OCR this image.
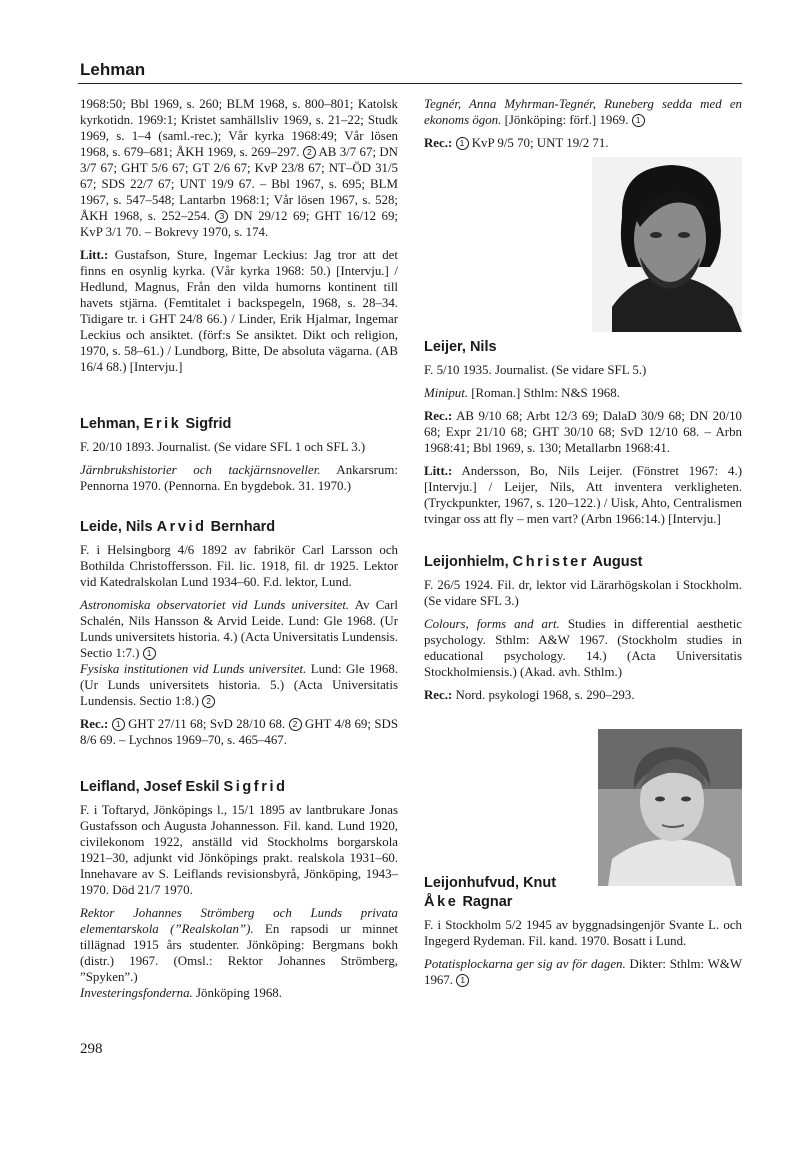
Lehman

1968:50; Bbl 1969, s. 260; BLM 1968, s. 800–801; Katolsk kyrkotidn. 1969:1; Kristet samhällsliv 1969, s. 21–22; Studk 1969, s. 1–4 (saml.-rec.); Vår kyrka 1968:49; Vår lösen 1968, s. 679–681; ÅKH 1969, s. 269–297. 2 AB 3/7 67; DN 3/7 67; GHT 5/6 67; GT 2/6 67; KvP 23/8 67; NT–ÖD 31/5 67; SDS 22/7 67; UNT 19/9 67. – Bbl 1967, s. 695; BLM 1967, s. 547–548; Lantarbn 1968:1; Vår lösen 1967, s. 528; ÅKH 1968, s. 252–254. 3 DN 29/12 69; GHT 16/12 69; KvP 3/1 70. – Bokrevy 1970, s. 174.

Litt.: Gustafson, Sture, Ingemar Leckius: Jag tror att det finns en osynlig kyrka. (Vår kyrka 1968: 50.) [Intervju.] / Hedlund, Magnus, Från den vilda humorns kontinent till havets stjärna. (Femtitalet i backspegeln, 1968, s. 28–34. Tidigare tr. i GHT 24/8 66.) / Linder, Erik Hjalmar, Ingemar Leckius och ansiktet. (förf:s Se ansiktet. Dikt och religion, 1970, s. 58–61.) / Lundborg, Bitte, De absoluta vägarna. (AB 16/4 68.) [Intervju.]

Lehman, Erik Sigfrid

F. 20/10 1893. Journalist. (Se vidare SFL 1 och SFL 3.)

Järnbrukshistorier och tackjärnsnoveller. Ankarsrum: Pennorna 1970. (Pennorna. En bygdebok. 31. 1970.)

Leide, Nils Arvid Bernhard

F. i Helsingborg 4/6 1892 av fabrikör Carl Larsson och Bothilda Christoffersson. Fil. lic. 1918, fil. dr 1925. Lektor vid Katedralskolan Lund 1934–60. F.d. lektor, Lund.

Astronomiska observatoriet vid Lunds universitet. Av Carl Schalén, Nils Hansson & Arvid Leide. Lund: Gle 1968. (Ur Lunds universitets historia. 4.) (Acta Universitatis Lundensis. Sectio 1:7.) 1
Fysiska institutionen vid Lunds universitet. Lund: Gle 1968. (Ur Lunds universitets historia. 5.) (Acta Universitatis Lundensis. Sectio 1:8.) 2

Rec.: 1 GHT 27/11 68; SvD 28/10 68. 2 GHT 4/8 69; SDS 8/6 69. – Lychnos 1969–70, s. 465–467.

Leifland, Josef Eskil Sigfrid

F. i Toftaryd, Jönköpings l., 15/1 1895 av lantbrukare Jonas Gustafsson och Augusta Johannesson. Fil. kand. Lund 1920, civilekonom 1922, anställd vid Stockholms borgarskola 1921–30, adjunkt vid Jönköpings prakt. realskola 1931–60. Innehavare av S. Leiflands revisionsbyrå, Jönköping, 1943–1970. Död 21/7 1970.

Rektor Johannes Strömberg och Lunds privata elementarskola (”Realskolan”). En rapsodi ur minnet tillägnad 1915 års studenter. Jönköping: Bergmans bokh (distr.) 1967. (Omsl.: Rektor Johannes Strömberg, ”Spyken”.)
Investeringsfonderna. Jönköping 1968.

Tegnér, Anna Myhrman-Tegnér, Runeberg sedda med en ekonoms ögon. [Jönköping: förf.] 1969. 1

Rec.: 1 KvP 9/5 70; UNT 19/2 71.

Leijer, Nils

F. 5/10 1935. Journalist. (Se vidare SFL 5.)

Miniput. [Roman.] Sthlm: N&S 1968.

Rec.: AB 9/10 68; Arbt 12/3 69; DalaD 30/9 68; DN 20/10 68; Expr 21/10 68; GHT 30/10 68; SvD 12/10 68. – Arbn 1968:41; Bbl 1969, s. 130; Metallarbn 1968:41.

Litt.: Andersson, Bo, Nils Leijer. (Fönstret 1967: 4.) [Intervju.] / Leijer, Nils, Att inventera verkligheten. (Tryckpunkter, 1967, s. 120–122.) / Uisk, Ahto, Centralismen tvingar oss att fly – men vart? (Arbn 1966:14.) [Intervju.]

Leijonhielm, Christer August

F. 26/5 1924. Fil. dr, lektor vid Lärarhögskolan i Stockholm. (Se vidare SFL 3.)

Colours, forms and art. Studies in differential aesthetic psychology. Sthlm: A&W 1967. (Stockholm studies in educational psychology. 14.) (Acta Universitatis Stockholmiensis.) (Akad. avh. Sthlm.)

Rec.: Nord. psykologi 1968, s. 290–293.

Leijonhufvud, Knut
Åke Ragnar

F. i Stockholm 5/2 1945 av byggnadsingenjör Svante L. och Ingegerd Rydeman. Fil. kand. 1970. Bosatt i Lund.

Potatisplockarna ger sig av för dagen. Dikter: Sthlm: W&W 1967. 1

298
